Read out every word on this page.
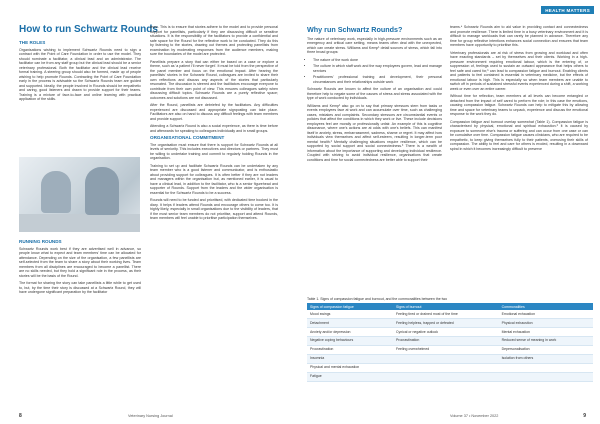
How to run Schwartz Rounds
THE ROLES

Organisations wishing to implement Schwartz Rounds need to sign a contract with the Point of Care Foundation in order to use the model. They should nominate a facilitator, a clinical lead and an administrator. The facilitator can be from any staff group but the clinical lead should be a senior veterinary professional. Both the facilitator and the clinical lead receive formal training. A steering group should also be formed, made up of people wishing to help promote Rounds. Contracting the Point of Care Foundation early in the process is advisable so the Schwartz Rounds team are guided and supported. Ideally, the people involved in Rounds should be empathetic and caring, good listeners and drawn to provide support for their teams. Training is a mixture of face-to-face and online learning with practical application of the skills.

RUNNING ROUNDS

Schwartz Rounds work best if they are advertised well in advance, so people know what to expect and team members' time can be allocated for attendance. Depending on the size of the organisation, a few panellists are self-selected from the team to share a story about their working lives. Team members from all disciplines are encouraged to become a panellist. There are no skills needed, but they hold a significant role in the process, as their stories will be the basis of the Round.

The format for sharing the story can take panellists a little while to get used to, but, by the time their story is discussed at a Schwartz Round, they will have undergone significant preparation by the facilitator

team. This is to ensure that stories adhere to the model and to provide personal support for panellists, particularly if they are discussing difficult or sensitive situations. It is the responsibility of the facilitators to provide a confidential and safe space for the Round for the reflective work to be conducted. They do this by listening to the stories, drawing out themes and protecting panellists from examination by moderating responses from the audience members, making sure the boundaries of the model are protected.

Panellists prepare a story that can either be based on a case or explore a theme, such as 'a patient I'll never forget'. It must be told from the perspective of the panel member and focus on the emotional impact. After hearing the panellists' stories in the Schwartz Round, colleagues are invited to share their own reflections and discuss any aspects of the stories that particularly resonated. The discussion is steered and the facilitators encourage everyone to contribute from their own point of view. This ensures colleagues safely when discussing difficult topics. Schwartz Rounds are a purely reflective space; outcomes and solutions are not discussed.

After the Round, panellists are debriefed by the facilitators. Any difficulties experienced are discussed and appropriate signposting can take place. Facilitators are also on hand to discuss any difficult feelings with team members and provide support.

Attending a Schwartz Round is also a social experience, as there is time before and afterwards for speaking to colleagues individually and in small groups.

ORGANISATIONAL COMMITMENT

The organisation must ensure that there is support for Schwartz Rounds at all levels of seniority. This includes executives and directors or partners. They must be willing to undertake training and commit to regularly holding Rounds in the organisation.

Training to set up and facilitate Schwartz Rounds can be undertaken by any team member who is a good listener and communicator, and is enthusiastic about providing support for colleagues. It is often better if they are not leaders and managers within the organisation but, as mentioned earlier, it is usual to have a clinical lead, in addition to the facilitator, who is a senior figurehead and supporter of Rounds. Support from the leaders and the wider organisation is essential for the Schwartz Rounds to be a success.

Rounds will need to be funded and prioritised, with dedicated time booked in the diary. It helps if leaders attend Rounds and encourage others to come too. It is highly likely, especially in small organisations due to the visibility of leaders, that if the most senior team members do not prioritise, support and attend Rounds, team members will feel unable to prioritise participation themselves.

8	Veterinary Nursing Journal
HEALTH MATTERS
Why run Schwartz Rounds?

The nature of veterinary work, especially in high-pressure environments such as an emergency and critical care setting, means teams often deal with the unexpected, which can create stress. Williams and Kemp¹ detail sources of stress, which fall into three broad groups:

• The nature of the work done
• The culture in which staff work and the way employees govern, lead and manage services
• Practitioners' professional training and development, their personal circumstances and their relationships outside work

Schwartz Rounds are known to affect the culture of an organisation and could therefore help to negate some of the causes of stress and stress associated with the type of work conducted by individuals.

Williams and Kemp¹ also go on to say that primary stressors stem from tasks or events employees face at work and can accumulate over time, such as challenging cases, mistakes and complaints. Secondary stressors are circumstantial events or policies that affect the conditions in which they work or live. These include decisions employees feel are morally or professionally unfair. An example of this is cognitive dissonance, where one's actions are at odds with one's beliefs. This can manifest itself in anxiety, stress, embarrassment, sadness, shame or regret. It may affect how individuals view themselves and affect self-esteem, resulting in longer-term poor mental health.² Mentally challenging situations require resilience, which can be supported by social support and social connectedness.³ There is a wealth of information about the importance of supporting and developing individual resilience. Coupled with striving to avoid individual resilience, organisations that create conditions and time for social connectedness are better able to support their

teams.⁴ Schwartz Rounds aim to aid value in providing contact and connectedness and promote resilience. There is limited time in a busy veterinary environment and it is difficult to manage workloads that can rarely be planned in advance. Therefore any time for group reflective intentions enhances social connection and ensures that team members have opportunity to prioritise this.

Veterinary professionals are at risk of stress from growing and workload and often have exacting standards – set by themselves and their clients. Working in a high-pressure environment requiring emotional labour, which is the entering of, or suppression of, feelings used to sustain an outward appearance that helps others to feel safe and cared for,⁵ can lead to compassion fatigue and burnout. Enabling clients and patients to feel contained is essential in veterinary medicine, but the effects of emotional labour is high. This is especially so when team members are unable to switch off in periods of sustained stressful events experienced during a shift, a working week or even over an entire career.

Without time for reflection, team members at all levels can become entangled or detached from the impact of self cared to perform the role; in this case the emotions, causing compassion fatigue. Schwartz Rounds can help to mitigate this by allowing time and space for veterinary teams to unpack, experience and discuss the emotional response to the work they do.

Compassion fatigue and burnout overlap somewhat (Table 1). Compassion fatigue is characterised by physical, emotional and spiritual exhaustion.⁶ It is caused by exposure to someone else's trauma or suffering and can occur from one case or can be cumulative over time. Compassion fatigue causes clinicians, who are required to be empathetic, to keep giving themselves fully to their patients, overusing their skills of compassion. The ability to feel and care for others is eroded, resulting in a downward spiral in which it becomes increasingly difficult to preserve

Table 1. Signs of compassion fatigue and burnout, and the commonalities between the two
Signs of compassion fatigue	Signs of burnout	Commonalities
Mood swings	Feeling tired or drained most of the time	Emotional exhaustion
Detachment	Feeling helpless, trapped or defeated	Physical exhaustion
Anxiety and/or depression	Cynical or negative outlook	Mental exhaustion
Negative coping behaviours	Procrastination	Reduced sense of meaning in work
Procrastination	Feeling overwhelmed	Depersonalisation
Insomnia		Isolation from others
Physical and mental exhaustion		
Fatigue		
Volume 37 • November 2022	9
